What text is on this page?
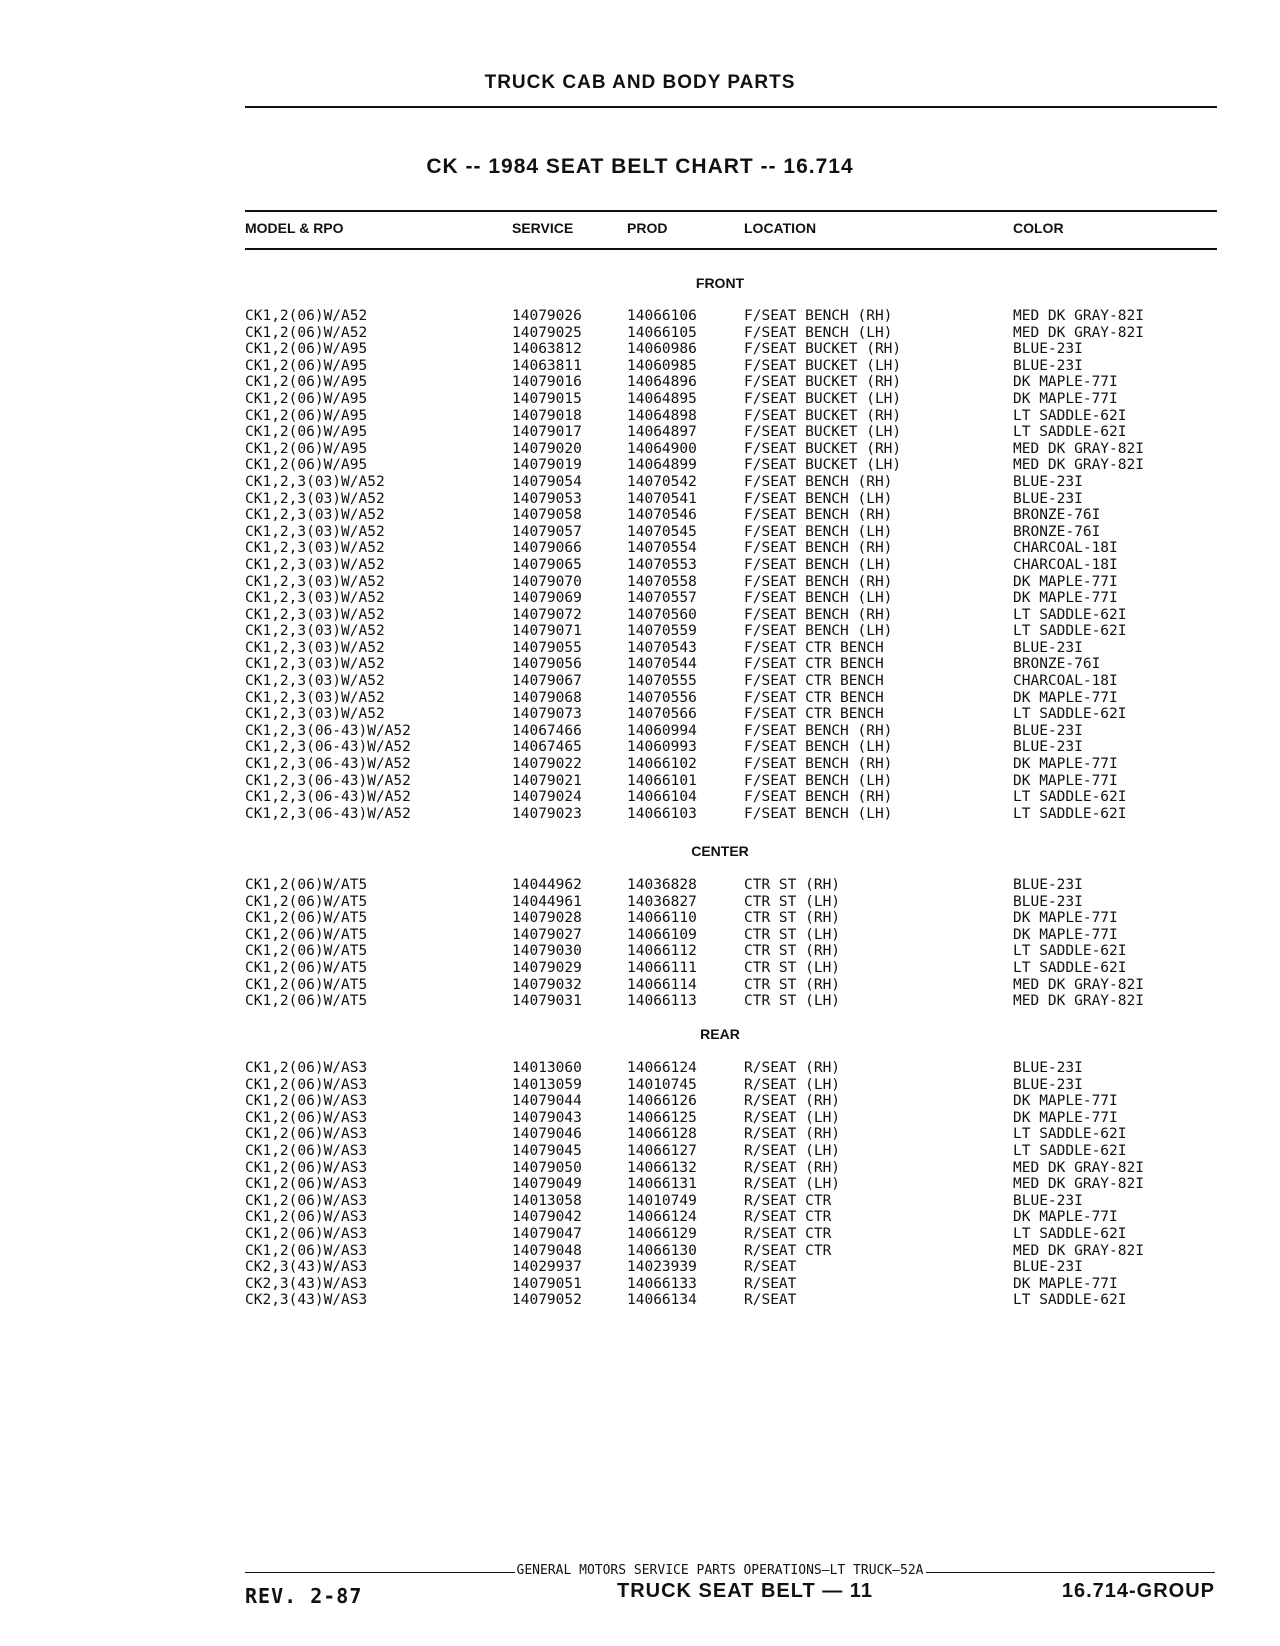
TRUCK CAB AND BODY PARTS
CK -- 1984 SEAT BELT CHART -- 16.714
MODEL & RPO	SERVICE	PROD	LOCATION	COLOR
FRONT
CK1,2(06)W/A52	14079026	14066106	F/SEAT BENCH (RH)	MED DK GRAY-82I
CK1,2(06)W/A52	14079025	14066105	F/SEAT BENCH (LH)	MED DK GRAY-82I
CK1,2(06)W/A95	14063812	14060986	F/SEAT BUCKET (RH)	BLUE-23I
CK1,2(06)W/A95	14063811	14060985	F/SEAT BUCKET (LH)	BLUE-23I
CK1,2(06)W/A95	14079016	14064896	F/SEAT BUCKET (RH)	DK MAPLE-77I
CK1,2(06)W/A95	14079015	14064895	F/SEAT BUCKET (LH)	DK MAPLE-77I
CK1,2(06)W/A95	14079018	14064898	F/SEAT BUCKET (RH)	LT SADDLE-62I
CK1,2(06)W/A95	14079017	14064897	F/SEAT BUCKET (LH)	LT SADDLE-62I
CK1,2(06)W/A95	14079020	14064900	F/SEAT BUCKET (RH)	MED DK GRAY-82I
CK1,2(06)W/A95	14079019	14064899	F/SEAT BUCKET (LH)	MED DK GRAY-82I
CK1,2,3(03)W/A52	14079054	14070542	F/SEAT BENCH (RH)	BLUE-23I
CK1,2,3(03)W/A52	14079053	14070541	F/SEAT BENCH (LH)	BLUE-23I
CK1,2,3(03)W/A52	14079058	14070546	F/SEAT BENCH (RH)	BRONZE-76I
CK1,2,3(03)W/A52	14079057	14070545	F/SEAT BENCH (LH)	BRONZE-76I
CK1,2,3(03)W/A52	14079066	14070554	F/SEAT BENCH (RH)	CHARCOAL-18I
CK1,2,3(03)W/A52	14079065	14070553	F/SEAT BENCH (LH)	CHARCOAL-18I
CK1,2,3(03)W/A52	14079070	14070558	F/SEAT BENCH (RH)	DK MAPLE-77I
CK1,2,3(03)W/A52	14079069	14070557	F/SEAT BENCH (LH)	DK MAPLE-77I
CK1,2,3(03)W/A52	14079072	14070560	F/SEAT BENCH (RH)	LT SADDLE-62I
CK1,2,3(03)W/A52	14079071	14070559	F/SEAT BENCH (LH)	LT SADDLE-62I
CK1,2,3(03)W/A52	14079055	14070543	F/SEAT CTR BENCH	BLUE-23I
CK1,2,3(03)W/A52	14079056	14070544	F/SEAT CTR BENCH	BRONZE-76I
CK1,2,3(03)W/A52	14079067	14070555	F/SEAT CTR BENCH	CHARCOAL-18I
CK1,2,3(03)W/A52	14079068	14070556	F/SEAT CTR BENCH	DK MAPLE-77I
CK1,2,3(03)W/A52	14079073	14070566	F/SEAT CTR BENCH	LT SADDLE-62I
CK1,2,3(06-43)W/A52	14067466	14060994	F/SEAT BENCH (RH)	BLUE-23I
CK1,2,3(06-43)W/A52	14067465	14060993	F/SEAT BENCH (LH)	BLUE-23I
CK1,2,3(06-43)W/A52	14079022	14066102	F/SEAT BENCH (RH)	DK MAPLE-77I
CK1,2,3(06-43)W/A52	14079021	14066101	F/SEAT BENCH (LH)	DK MAPLE-77I
CK1,2,3(06-43)W/A52	14079024	14066104	F/SEAT BENCH (RH)	LT SADDLE-62I
CK1,2,3(06-43)W/A52	14079023	14066103	F/SEAT BENCH (LH)	LT SADDLE-62I
CENTER
CK1,2(06)W/AT5	14044962	14036828	CTR ST (RH)	BLUE-23I
CK1,2(06)W/AT5	14044961	14036827	CTR ST (LH)	BLUE-23I
CK1,2(06)W/AT5	14079028	14066110	CTR ST (RH)	DK MAPLE-77I
CK1,2(06)W/AT5	14079027	14066109	CTR ST (LH)	DK MAPLE-77I
CK1,2(06)W/AT5	14079030	14066112	CTR ST (RH)	LT SADDLE-62I
CK1,2(06)W/AT5	14079029	14066111	CTR ST (LH)	LT SADDLE-62I
CK1,2(06)W/AT5	14079032	14066114	CTR ST (RH)	MED DK GRAY-82I
CK1,2(06)W/AT5	14079031	14066113	CTR ST (LH)	MED DK GRAY-82I
REAR
CK1,2(06)W/AS3	14013060	14066124	R/SEAT (RH)	BLUE-23I
CK1,2(06)W/AS3	14013059	14010745	R/SEAT (LH)	BLUE-23I
CK1,2(06)W/AS3	14079044	14066126	R/SEAT (RH)	DK MAPLE-77I
CK1,2(06)W/AS3	14079043	14066125	R/SEAT (LH)	DK MAPLE-77I
CK1,2(06)W/AS3	14079046	14066128	R/SEAT (RH)	LT SADDLE-62I
CK1,2(06)W/AS3	14079045	14066127	R/SEAT (LH)	LT SADDLE-62I
CK1,2(06)W/AS3	14079050	14066132	R/SEAT (RH)	MED DK GRAY-82I
CK1,2(06)W/AS3	14079049	14066131	R/SEAT (LH)	MED DK GRAY-82I
CK1,2(06)W/AS3	14013058	14010749	R/SEAT CTR	BLUE-23I
CK1,2(06)W/AS3	14079042	14066124	R/SEAT CTR	DK MAPLE-77I
CK1,2(06)W/AS3	14079047	14066129	R/SEAT CTR	LT SADDLE-62I
CK1,2(06)W/AS3	14079048	14066130	R/SEAT CTR	MED DK GRAY-82I
CK2,3(43)W/AS3	14029937	14023939	R/SEAT	BLUE-23I
CK2,3(43)W/AS3	14079051	14066133	R/SEAT	DK MAPLE-77I
CK2,3(43)W/AS3	14079052	14066134	R/SEAT	LT SADDLE-62I
GENERAL MOTORS SERVICE PARTS OPERATIONS—LT TRUCK—52A
REV. 2-87	TRUCK SEAT BELT — 11	16.714-GROUP
